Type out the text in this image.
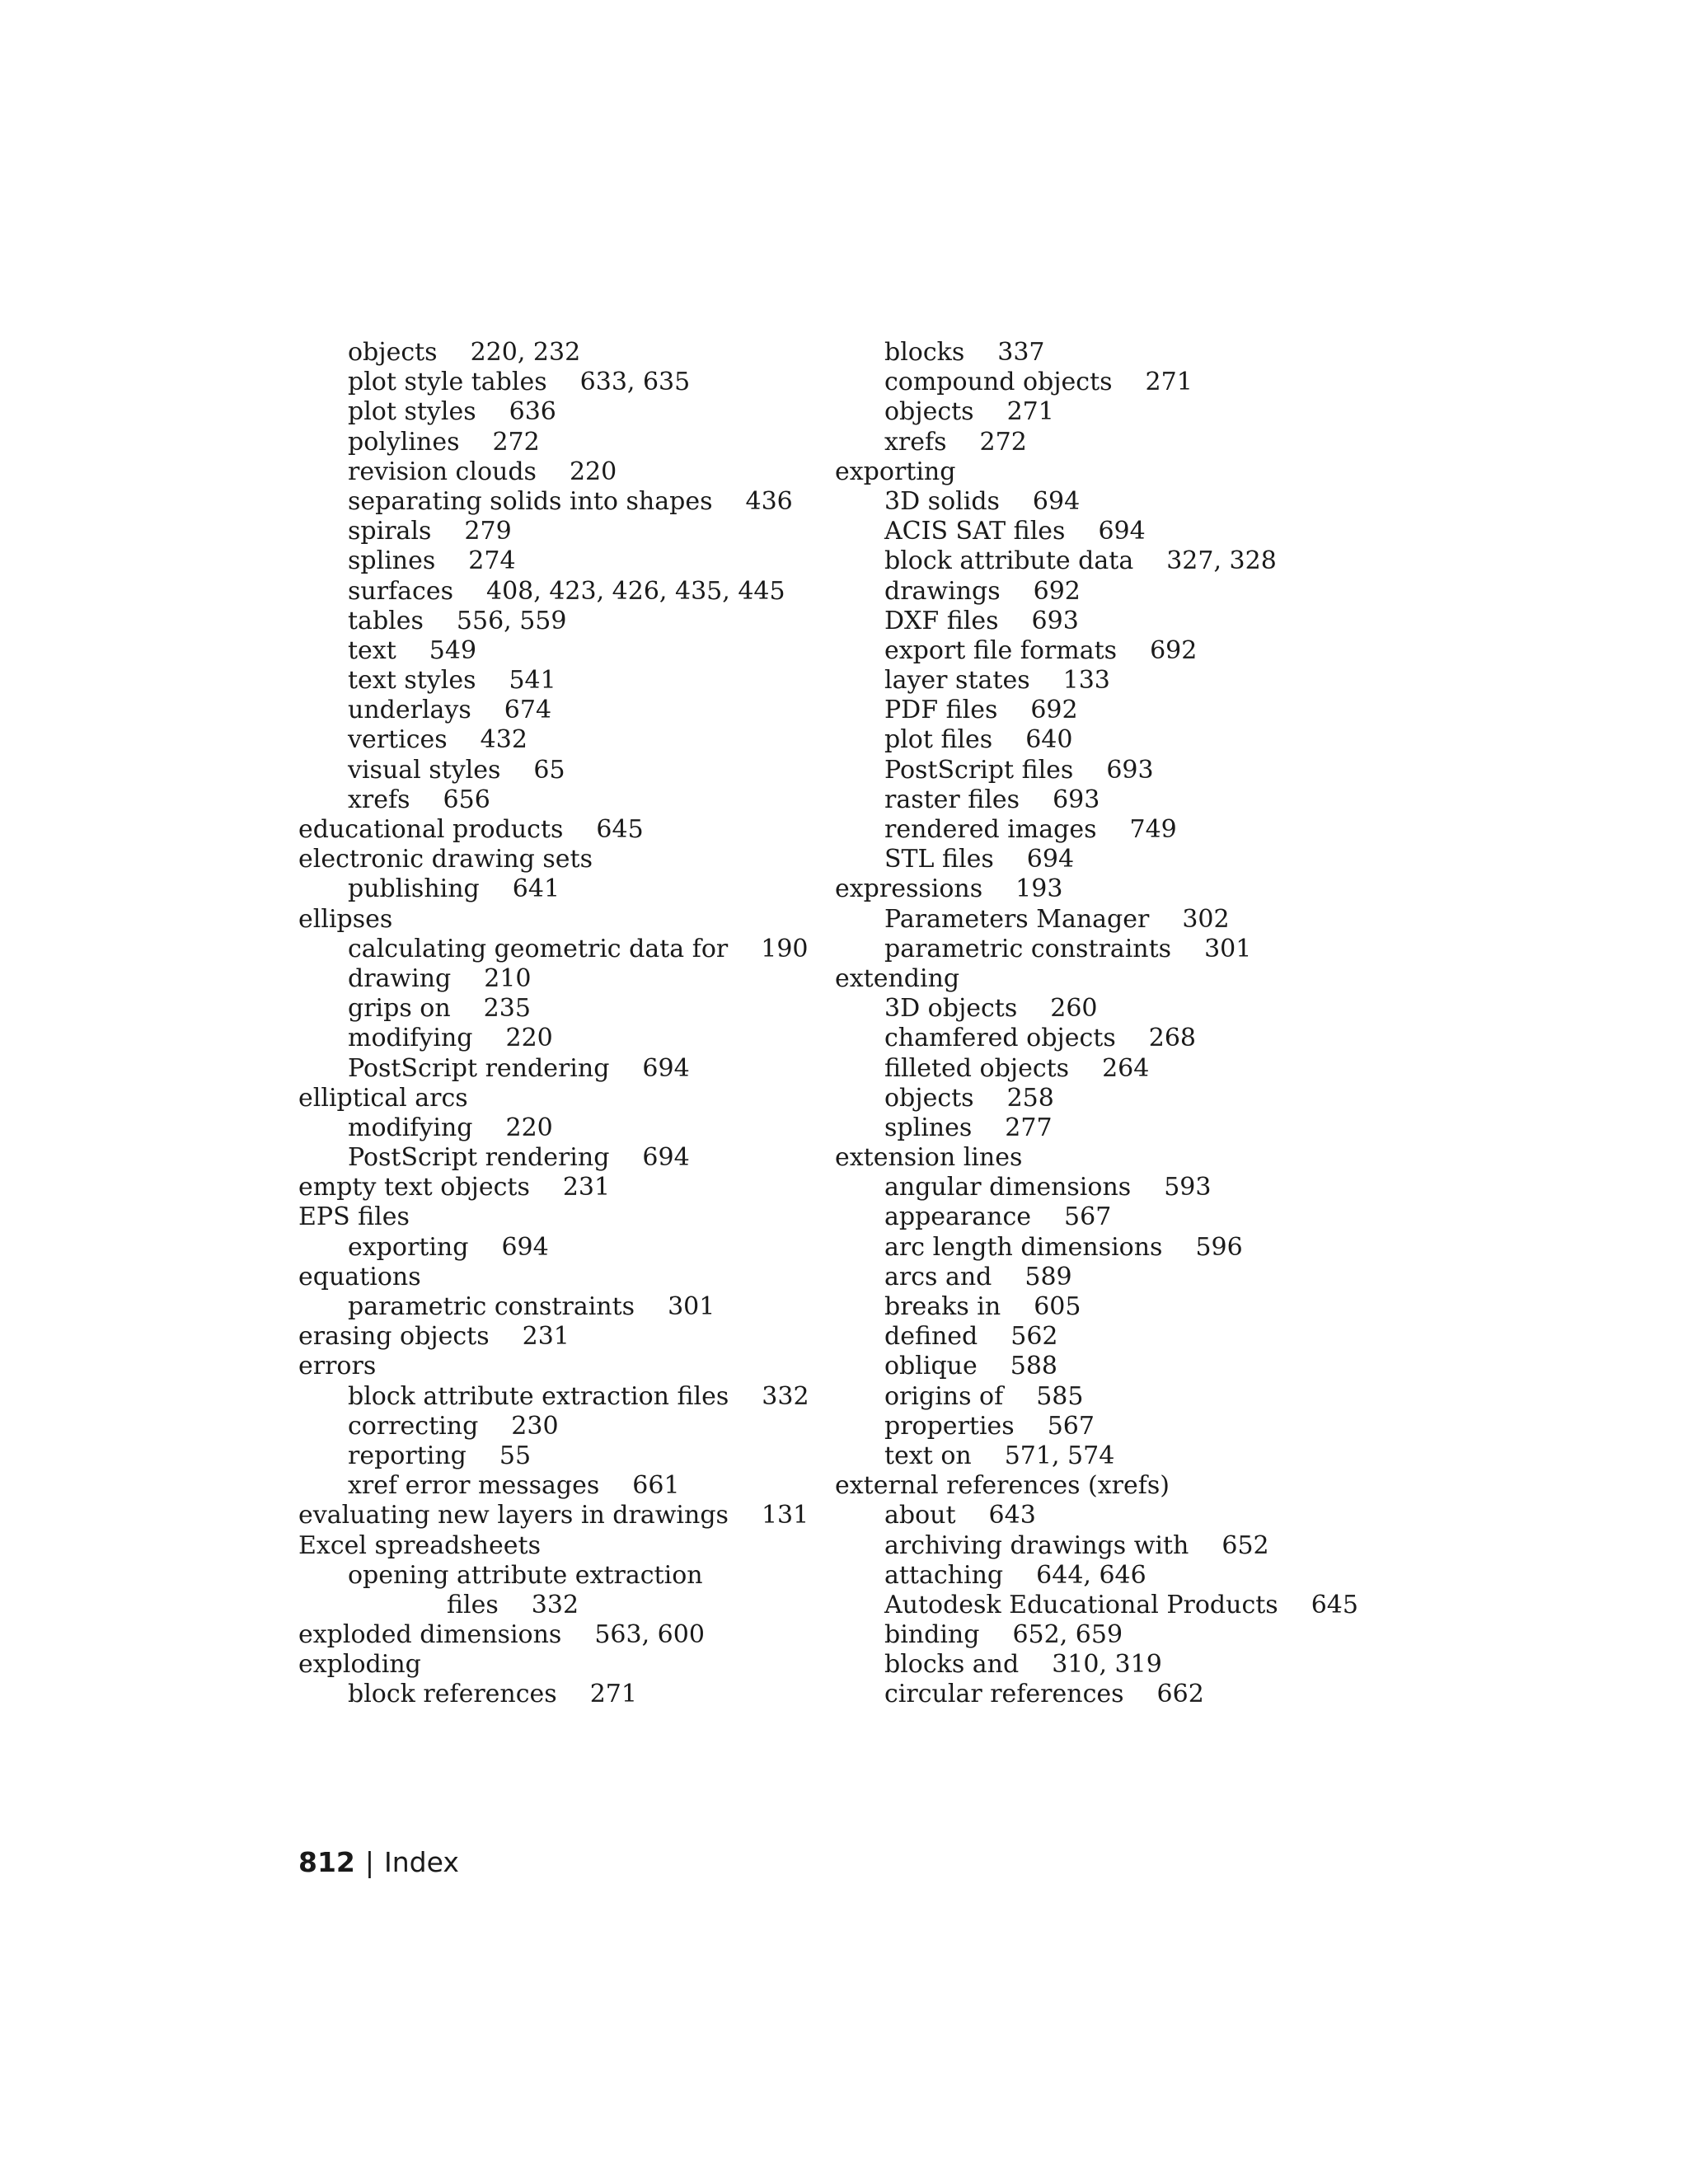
objects 220, 232
plot style tables 633, 635
plot styles 636
polylines 272
revision clouds 220
separating solids into shapes 436
spirals 279
splines 274
surfaces 408, 423, 426, 435, 445
tables 556, 559
text 549
text styles 541
underlays 674
vertices 432
visual styles 65
xrefs 656
educational products 645
electronic drawing sets
publishing 641
ellipses
calculating geometric data for 190
drawing 210
grips on 235
modifying 220
PostScript rendering 694
elliptical arcs
modifying 220
PostScript rendering 694
empty text objects 231
EPS files
exporting 694
equations
parametric constraints 301
erasing objects 231
errors
block attribute extraction files 332
correcting 230
reporting 55
xref error messages 661
evaluating new layers in drawings 131
Excel spreadsheets
opening attribute extraction
files 332
exploded dimensions 563, 600
exploding
block references 271
blocks 337
compound objects 271
objects 271
xrefs 272
exporting
3D solids 694
ACIS SAT files 694
block attribute data 327, 328
drawings 692
DXF files 693
export file formats 692
layer states 133
PDF files 692
plot files 640
PostScript files 693
raster files 693
rendered images 749
STL files 694
expressions 193
Parameters Manager 302
parametric constraints 301
extending
3D objects 260
chamfered objects 268
filleted objects 264
objects 258
splines 277
extension lines
angular dimensions 593
appearance 567
arc length dimensions 596
arcs and 589
breaks in 605
defined 562
oblique 588
origins of 585
properties 567
text on 571, 574
external references (xrefs)
about 643
archiving drawings with 652
attaching 644, 646
Autodesk Educational Products 645
binding 652, 659
blocks and 310, 319
circular references 662
812 | Index
